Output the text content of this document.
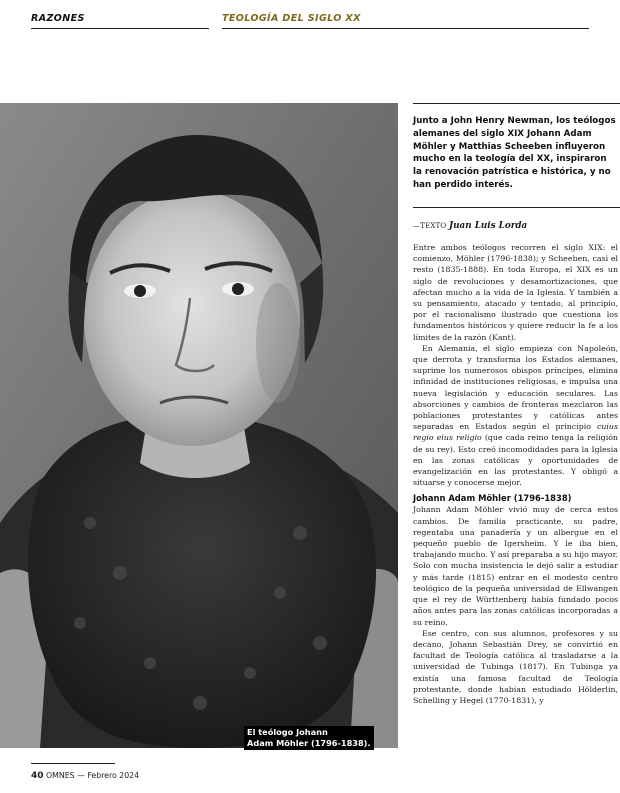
RAZONES	TEOLOGÍA DEL SIGLO XX
El teólogo Johann
Adam Möhler (1796-1838).
Junto a John Henry Newman, los teólogos alemanes del siglo XIX Johann Adam Möhler y Matthias Scheeben influyeron mucho en la teología del XX, inspiraron la renovación patrística e histórica, y no han perdido interés.
—TEXTO Juan Luis Lorda

Entre ambos teólogos recorren el siglo XIX: el comienzo, Möhler (1796-1838); y Scheeben, casi el resto (1835-1888). En toda Europa, el XIX es un siglo de revoluciones y desamortizaciones, que afectan mucho a la vida de la Iglesia. Y también a su pensamiento, atacado y tentado, al principio, por el racionalismo ilustrado que cuestiona los fundamentos históricos y quiere reducir la fe a los límites de la razón (Kant).

En Alemania, el siglo empieza con Napoleón, que derrota y transforma los Estados alemanes, suprime los numerosos obispos príncipes, elimina infinidad de instituciones religiosas, e impulsa una nueva legislación y educación seculares. Las absorciones y cambios de fronteras mezclaron las poblaciones protestantes y católicas antes separadas en Estados según el principio cuius regio eius religio (que cada reino tenga la religión de su rey). Esto creó incomodidades para la Iglesia en las zonas católicas y oportunidades de evangelización en las protestantes. Y obligó a situarse y conocerse mejor.

Johann Adam Möhler (1796-1838)

Johann Adam Möhler vivió muy de cerca estos cambios. De familia practicante, su padre, regentaba una panadería y un albergue en el pequeño pueblo de Igersheim. Y le iba bien, trabajando mucho. Y así preparaba a su hijo mayor. Solo con mucha insistencia le dejó salir a estudiar y más tarde (1815) entrar en el modesto centro teológico de la pequeña universidad de Ellwangen que el rey de Württenberg había fundado pocos años antes para las zonas católicas incorporadas a su reino.

Ese centro, con sus alumnos, profesores y su decano, Johann Sebastián Drey, se convirtió en facultad de Teología católica al trasladarse a la universidad de Tubinga (1817). En Tubinga ya existía una famosa facultad de Teología protestante, donde habían estudiado Hölderlin, Schelling y Hegel (1770-1831), y

40 OMNES — Febrero 2024
